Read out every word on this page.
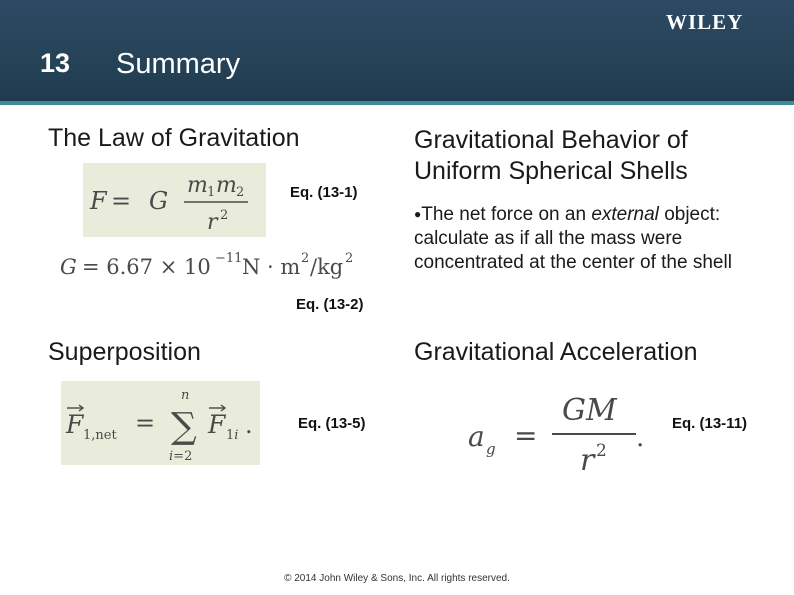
13 Summary
WILEY
The Law of Gravitation
F = G
m 1 m 2
r 2
Eq. (13-1)
G = 6.67 × 10 −11 N · m 2 /kg 2
Eq. (13-2)
Superposition
F 1,net =
n
∑
i=2
F 1i .	Eq. (13-5)
Gravitational Behavior of Uniform Spherical Shells
●The net force on an external object: calculate as if all the mass were concentrated at the center of the shell
Gravitational Acceleration
a g =
GM
r 2 . Eq. (13-11)
© 2014 John Wiley & Sons, Inc. All rights reserved.
